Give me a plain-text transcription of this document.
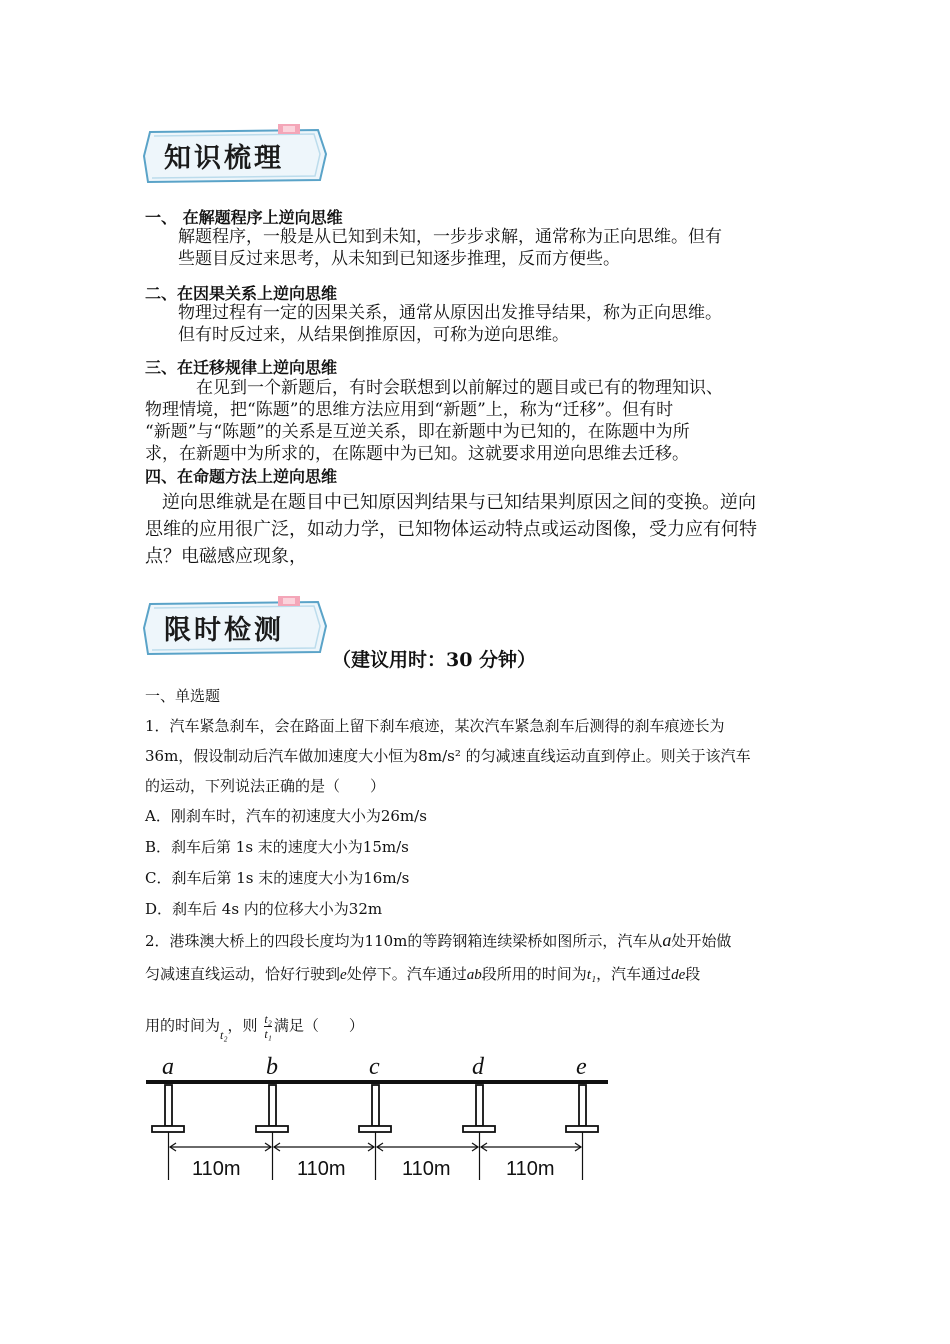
知识梳理
一、 在解题程序上逆向思维
解题程序，一般是从已知到未知，一步步求解，通常称为正向思维。但有
些题目反过来思考，从未知到已知逐步推理，反而方便些。
二、在因果关系上逆向思维
物理过程有一定的因果关系，通常从原因出发推导结果，称为正向思维。
但有时反过来，从结果倒推原因，可称为逆向思维。
三、在迁移规律上逆向思维
在见到一个新题后，有时会联想到以前解过的题目或已有的物理知识、
物理情境，把“陈题”的思维方法应用到“新题”上，称为“迁移”。但有时
“新题”与“陈题”的关系是互逆关系，即在新题中为已知的，在陈题中为所
求，在新题中为所求的，在陈题中为已知。这就要求用逆向思维去迁移。
四、在命题方法上逆向思维
逆向思维就是在题目中已知原因判结果与已知结果判原因之间的变换。逆向
思维的应用很广泛，如动力学，已知物体运动特点或运动图像，受力应有何特
点？电磁感应现象，
限时检测
（建议用时：30 分钟）
一、单选题
1．汽车紧急刹车，会在路面上留下刹车痕迹，某次汽车紧急刹车后测得的刹车痕迹长为
36m，假设制动后汽车做加速度大小恒为8m/s² 的匀减速直线运动直到停止。则关于该汽车
的运动，下列说法正确的是（　　）
A．刚刹车时，汽车的初速度大小为26m/s
B．刹车后第 1s 末的速度大小为15m/s
C．刹车后第 1s 末的速度大小为16m/s
D．刹车后 4s 内的位移大小为32m
2．港珠澳大桥上的四段长度均为110m的等跨钢箱连续梁桥如图所示，汽车从a处开始做
匀减速直线运动，恰好行驶到e处停下。汽车通过ab段所用的时间为t₁，汽车通过de段
用的时间为$_{t_2}$，则 $\frac{\text{t₂}}{\text{t₁}}$ 满足（　　）
a	b	c	d	e
110m	110m	110m	110m
